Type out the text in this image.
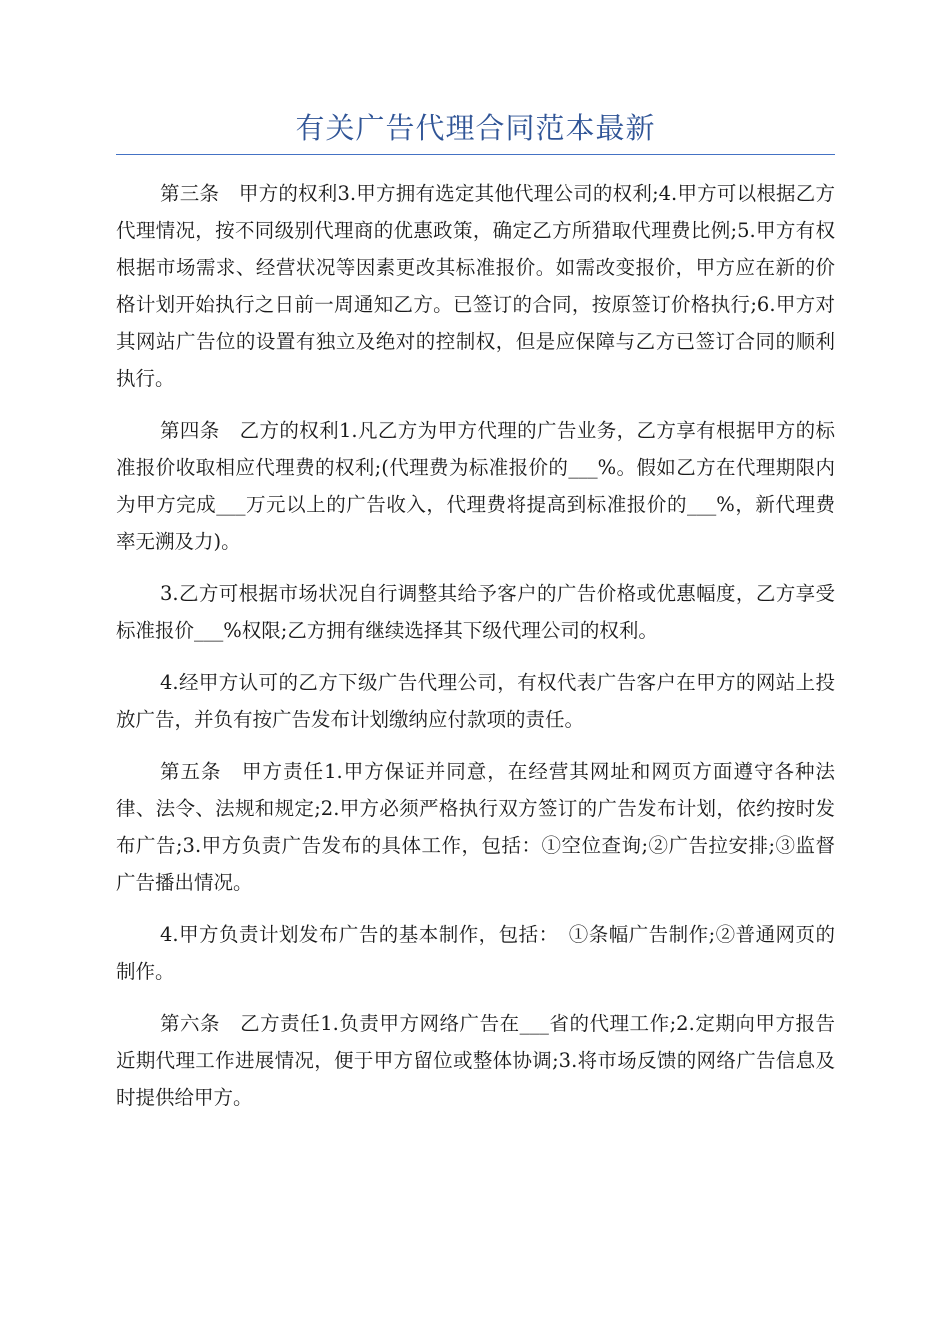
有关广告代理合同范本最新

第三条　甲方的权利3.甲方拥有选定其他代理公司的权利;4.甲方可以根据乙方代理情况，按不同级别代理商的优惠政策，确定乙方所猎取代理费比例;5.甲方有权根据市场需求、经营状况等因素更改其标准报价。如需改变报价，甲方应在新的价格计划开始执行之日前一周通知乙方。已签订的合同，按原签订价格执行;6.甲方对其网站广告位的设置有独立及绝对的控制权，但是应保障与乙方已签订合同的顺利执行。

第四条　乙方的权利1.凡乙方为甲方代理的广告业务，乙方享有根据甲方的标准报价收取相应代理费的权利;(代理费为标准报价的___%。假如乙方在代理期限内为甲方完成___万元以上的广告收入，代理费将提高到标准报价的___%，新代理费率无溯及力)。

3.乙方可根据市场状况自行调整其给予客户的广告价格或优惠幅度，乙方享受标准报价___%权限;乙方拥有继续选择其下级代理公司的权利。

4.经甲方认可的乙方下级广告代理公司，有权代表广告客户在甲方的网站上投放广告，并负有按广告发布计划缴纳应付款项的责任。

第五条　甲方责任1.甲方保证并同意，在经营其网址和网页方面遵守各种法律、法令、法规和规定;2.甲方必须严格执行双方签订的广告发布计划，依约按时发布广告;3.甲方负责广告发布的具体工作，包括：①空位查询;②广告拉安排;③监督广告播出情况。

4.甲方负责计划发布广告的基本制作，包括：　①条幅广告制作;②普通网页的制作。

第六条　乙方责任1.负责甲方网络广告在___省的代理工作;2.定期向甲方报告近期代理工作进展情况，便于甲方留位或整体协调;3.将市场反馈的网络广告信息及时提供给甲方。
